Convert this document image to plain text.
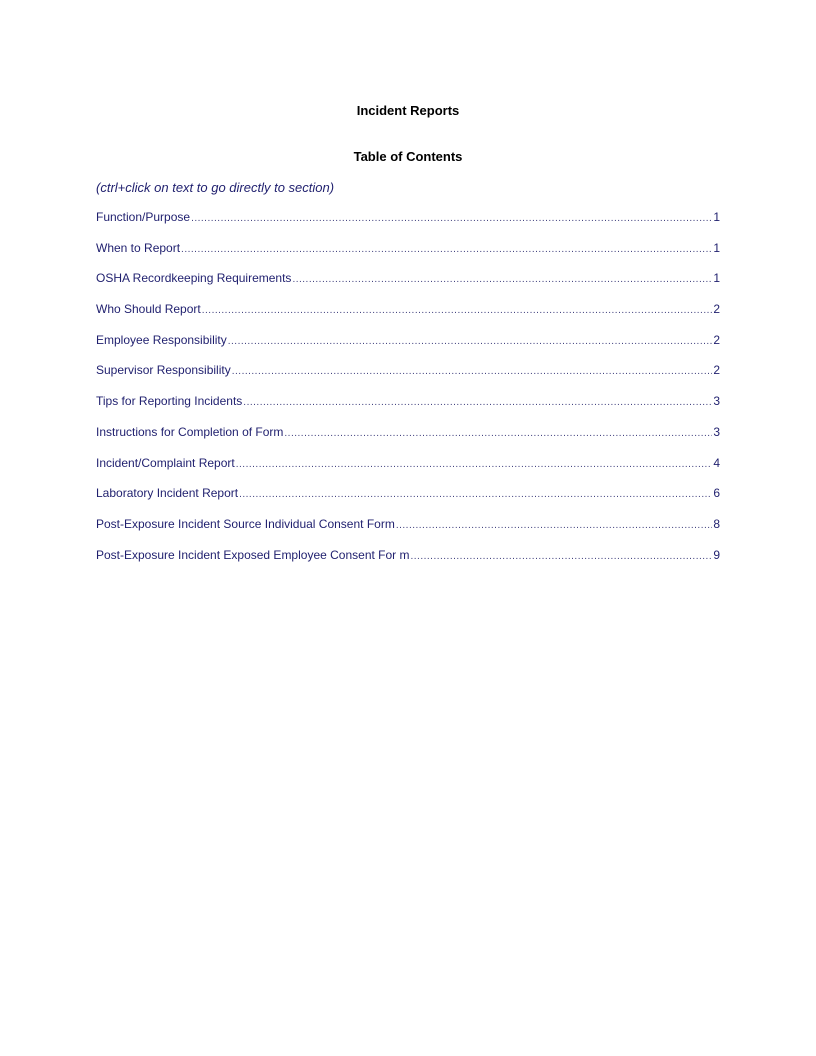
Incident Reports
Table of Contents

(ctrl+click on text to go directly to section)

Function/Purpose .....	1
When to Report .....	1
OSHA Recordkeeping Requirements .....	1
Who Should Report .....	2
Employee Responsibility .....	2
Supervisor Responsibility .....	2
Tips for Reporting Incidents .....	3
Instructions for Completion of Form .....	3
Incident/Complaint Report .....	4
Laboratory Incident Report .....	6
Post-Exposure Incident Source Individual Consent Form .....	8
Post-Exposure Incident Exposed Employee Consent For m .....	9
